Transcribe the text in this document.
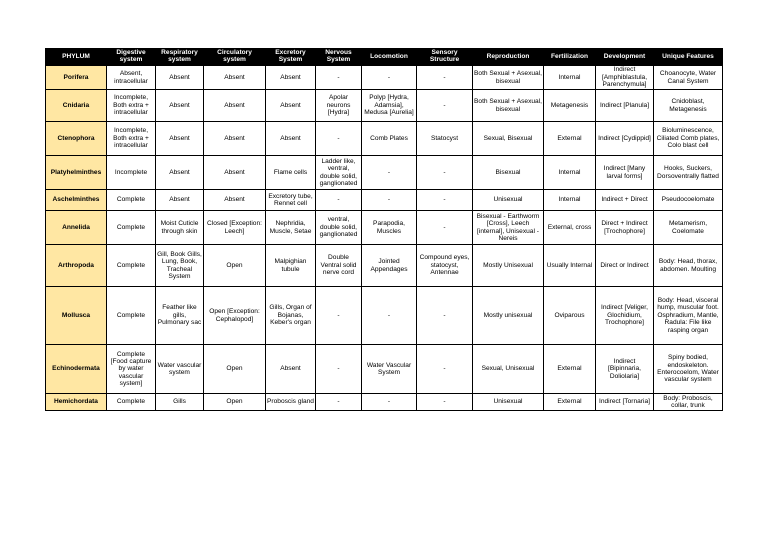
PHYLUM	Digestive system	Respiratory system	Circulatory system	Excretory System	Nervous System	Locomotion	Sensory Structure	Reproduction	Fertilization	Development	Unique Features
Porifera	Absent, intracellular	Absent	Absent	Absent	-	-	-	Both Sexual + Asexual, bisexual	Internal	Indirect [Amphiblastula, Parenchymula]	Choanocyte, Water Canal System
Cnidaria	Incomplete, Both extra + intracellular	Absent	Absent	Absent	Apolar neurons [Hydra]	Polyp [Hydra, Adamsia], Medusa [Aurelia]	-	Both Sexual + Asexual, bisexual	Metagenesis	Indirect [Planula]	Cnidoblast, Metagenesis
Ctenophora	Incomplete, Both extra + intracellular	Absent	Absent	Absent	-	Comb Plates	Statocyst	Sexual, Bisexual	External	Indirect [Cydippid]	Bioluminescence, Ciliated Comb plates, Colo blast cell
Platyhelminthes	Incomplete	Absent	Absent	Flame cells	Ladder like, ventral, double solid, ganglionated	-	-	Bisexual	Internal	Indirect [Many larval forms]	Hooks, Suckers, Dorsoventrally flatted
Aschelminthes	Complete	Absent	Absent	Excretory tube, Rennet cell	-	-	-	Unisexual	Internal	Indirect + Direct	Pseudocoelomate
Annelida	Complete	Moist Cuticle through skin	Closed [Exception: Leech]	Nephridia, Muscle, Setae	ventral, double solid, ganglionated	Parapodia, Muscles	-	Bisexual - Earthworm [Cross], Leech [internal], Unisexual - Nereis	External, cross	Direct + Indirect [Trochophore]	Metamerism, Coelomate
Arthropoda	Complete	Gill, Book Gills, Lung, Book, Tracheal System	Open	Malpighian tubule	Double Ventral solid nerve cord	Jointed Appendages	Compound eyes, statocyst, Antennae	Mostly Unisexual	Usually Internal	Direct or Indirect	Body: Head, thorax, abdomen. Moulting
Mollusca	Complete	Feather like gills, Pulmonary sac	Open [Exception: Cephalopod]	Gills, Organ of Bojanas, Keber's organ	-	-	-	Mostly unisexual	Oviparous	Indirect [Veliger, Glochidium, Trochophore]	Body: Head, visceral hump, muscular foot. Osphradium, Mantle, Radula: File like rasping organ
Echinodermata	Complete [Food capture by water vascular system]	Water vascular system	Open	Absent	-	Water Vascular System	-	Sexual, Unisexual	External	Indirect [Bipinnaria, Doliolaria]	Spiny bodied, endoskeleton. Enterocoelom, Water vascular system
Hemichordata	Complete	Gills	Open	Proboscis gland	-	-	-	Unisexual	External	Indirect [Tornaria]	Body: Proboscis, collar, trunk
